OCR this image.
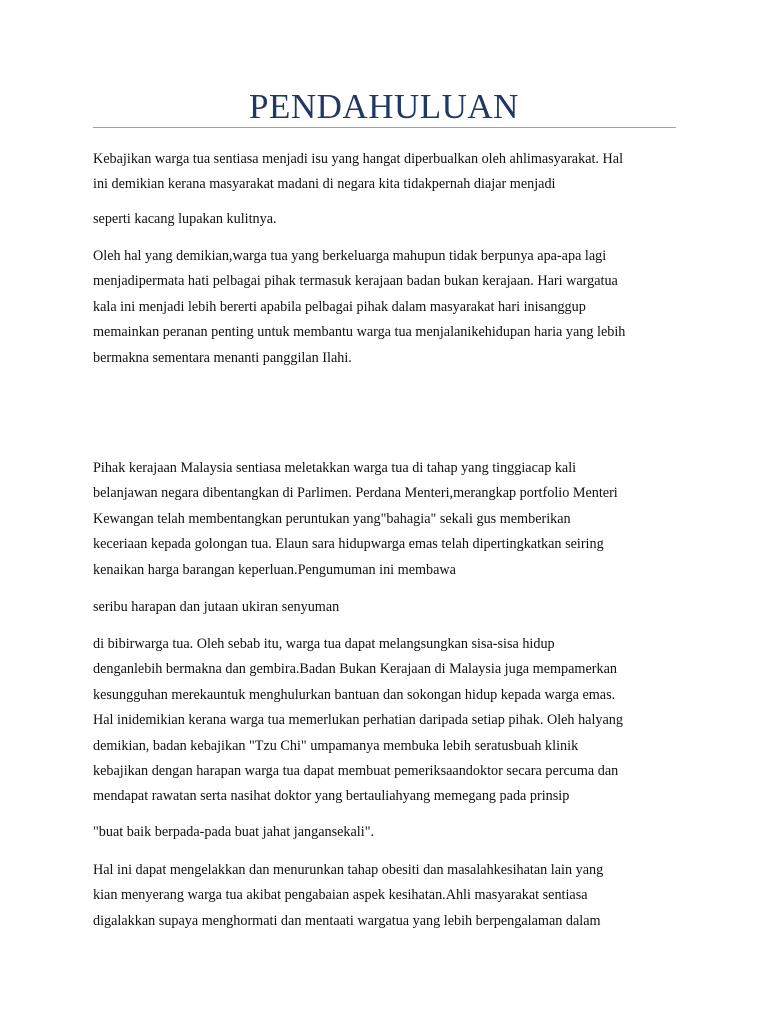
PENDAHULUAN

Kebajikan warga tua sentiasa menjadi isu yang hangat diperbualkan oleh ahlimasyarakat. Hal
ini demikian kerana masyarakat madani di negara kita tidakpernah diajar menjadi

seperti kacang lupakan kulitnya.

Oleh hal yang demikian,warga tua yang berkeluarga mahupun tidak berpunya apa-apa lagi
menjadipermata hati pelbagai pihak termasuk kerajaan badan bukan kerajaan. Hari wargatua
kala ini menjadi lebih bererti apabila pelbagai pihak dalam masyarakat hari inisanggup
memainkan peranan penting untuk membantu warga tua menjalanikehidupan haria yang lebih
bermakna sementara menanti panggilan Ilahi.

Pihak kerajaan Malaysia sentiasa meletakkan warga tua di tahap yang tinggiacap kali
belanjawan negara dibentangkan di Parlimen. Perdana Menteri,merangkap portfolio Menteri
Kewangan telah membentangkan peruntukan yang"bahagia" sekali gus memberikan
keceriaan kepada golongan tua. Elaun sara hidupwarga emas telah dipertingkatkan seiring
kenaikan harga barangan keperluan.Pengumuman ini membawa

seribu harapan dan jutaan ukiran senyuman

di bibirwarga tua. Oleh sebab itu, warga tua dapat melangsungkan sisa-sisa hidup
denganlebih bermakna dan gembira.Badan Bukan Kerajaan di Malaysia juga mempamerkan
kesungguhan merekauntuk menghulurkan bantuan dan sokongan hidup kepada warga emas.
Hal inidemikian kerana warga tua memerlukan perhatian daripada setiap pihak. Oleh halyang
demikian, badan kebajikan "Tzu Chi" umpamanya membuka lebih seratusbuah klinik
kebajikan dengan harapan warga tua dapat membuat pemeriksaandoktor secara percuma dan
mendapat rawatan serta nasihat doktor yang bertauliahyang memegang pada prinsip

"buat baik berpada-pada buat jahat jangansekali".

Hal ini dapat mengelakkan dan menurunkan tahap obesiti dan masalahkesihatan lain yang
kian menyerang warga tua akibat pengabaian aspek kesihatan.Ahli masyarakat sentiasa
digalakkan supaya menghormati dan mentaati wargatua yang lebih berpengalaman dalam
